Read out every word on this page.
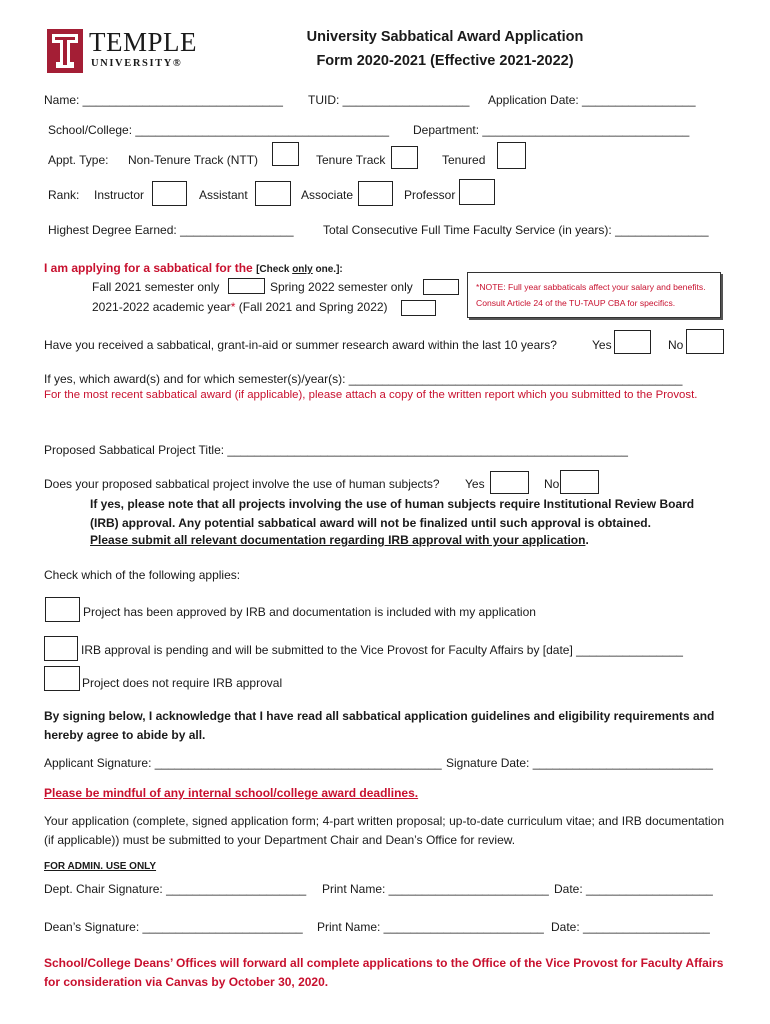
TEMPLE
UNIVERSITY®
University Sabbatical Award Application
Form 2020-2021 (Effective 2021-2022)
Name: ______________________________ TUID: ___________________ Application Date: _________________
School/College: ______________________________________ Department: _______________________________
Appt. Type: Non-Tenure Track (NTT)	Tenure Track	Tenured
Rank: Instructor	Assistant	Associate	Professor
Highest Degree Earned: _________________ Total Consecutive Full Time Faculty Service (in years): ______________
I am applying for a sabbatical for the [Check only one.]:
Fall 2021 semester only	Spring 2022 semester only
2021-2022 academic year* (Fall 2021 and Spring 2022)
*NOTE: Full year sabbaticals affect your salary and benefits.
Consult Article 24 of the TU-TAUP CBA for specifics.
Have you received a sabbatical, grant-in-aid or summer research award within the last 10 years?	Yes	No
If yes, which award(s) and for which semester(s)/year(s): __________________________________________________
For the most recent sabbatical award (if applicable), please attach a copy of the written report which you submitted to the Provost.
Proposed Sabbatical Project Title: ____________________________________________________________
Does your proposed sabbatical project involve the use of human subjects? Yes	No
If yes, please note that all projects involving the use of human subjects require Institutional Review Board (IRB) approval. Any potential sabbatical award will not be finalized until such approval is obtained.
Please submit all relevant documentation regarding IRB approval with your application.
Check which of the following applies:
Project has been approved by IRB and documentation is included with my application
IRB approval is pending and will be submitted to the Vice Provost for Faculty Affairs by [date] ________________
Project does not require IRB approval
By signing below, I acknowledge that I have read all sabbatical application guidelines and eligibility requirements and hereby agree to abide by all.
Applicant Signature: ___________________________________________ Signature Date: ___________________________
Please be mindful of any internal school/college award deadlines.
Your application (complete, signed application form; 4-part written proposal; up-to-date curriculum vitae; and IRB documentation (if applicable)) must be submitted to your Department Chair and Dean’s Office for review.
FOR ADMIN. USE ONLY
Dept. Chair Signature: _____________________ Print Name: ________________________ Date: ___________________
Dean’s Signature: ________________________ Print Name: ________________________ Date: ___________________
School/College Deans’ Offices will forward all complete applications to the Office of the Vice Provost for Faculty Affairs for consideration via Canvas by October 30, 2020.
